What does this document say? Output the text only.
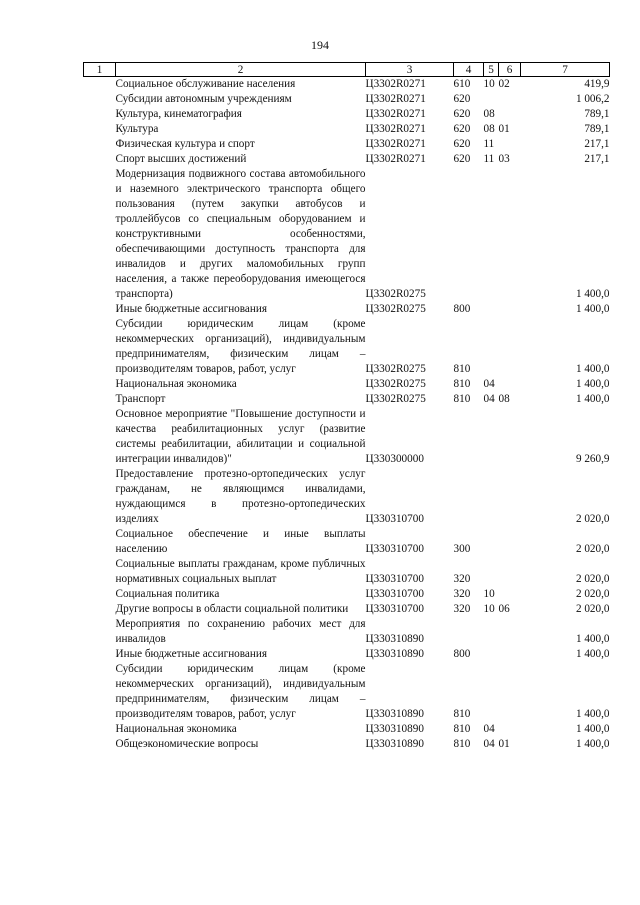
194
1	2	3	4	5	6	7
	Социальное обслуживание населения	Ц3302R0271	610	10	02	419,9
	Субсидии автономным учреждениям	Ц3302R0271	620			1 006,2
	Культура, кинематография	Ц3302R0271	620	08		789,1
	Культура	Ц3302R0271	620	08	01	789,1
	Физическая культура и спорт	Ц3302R0271	620	11		217,1
	Спорт высших достижений	Ц3302R0271	620	11	03	217,1
	Модернизация подвижного состава автомобильного и наземного электрического транспорта общего пользования (путем закупки автобусов и троллейбусов со специальным оборудованием и конструктивными особенностями, обеспечивающими доступность транспорта для инвалидов и других маломобильных групп населения, а также переоборудования имеющегося транспорта)	Ц3302R0275				1 400,0
	Иные бюджетные ассигнования	Ц3302R0275	800			1 400,0
	Субсидии юридическим лицам (кроме некоммерческих организаций), индивидуальным предпринимателям, физическим лицам – производителям товаров, работ, услуг	Ц3302R0275	810			1 400,0
	Национальная экономика	Ц3302R0275	810	04		1 400,0
	Транспорт	Ц3302R0275	810	04	08	1 400,0
	Основное мероприятие "Повышение доступности и качества реабилитационных услуг (развитие системы реабилитации, абилитации и социальной интеграции инвалидов)"	Ц330300000				9 260,9
	Предоставление протезно-ортопедических услуг гражданам, не являющимся инвалидами, нуждающимся в протезно-ортопедических изделиях	Ц330310700				2 020,0
	Социальное обеспечение и иные выплаты населению	Ц330310700	300			2 020,0
	Социальные выплаты гражданам, кроме публичных нормативных социальных выплат	Ц330310700	320			2 020,0
	Социальная политика	Ц330310700	320	10		2 020,0
	Другие вопросы в области социальной политики	Ц330310700	320	10	06	2 020,0
	Мероприятия по сохранению рабочих мест для инвалидов	Ц330310890				1 400,0
	Иные бюджетные ассигнования	Ц330310890	800			1 400,0
	Субсидии юридическим лицам (кроме некоммерческих организаций), индивидуальным предпринимателям, физическим лицам – производителям товаров, работ, услуг	Ц330310890	810			1 400,0
	Национальная экономика	Ц330310890	810	04		1 400,0
	Общеэкономические вопросы	Ц330310890	810	04	01	1 400,0
